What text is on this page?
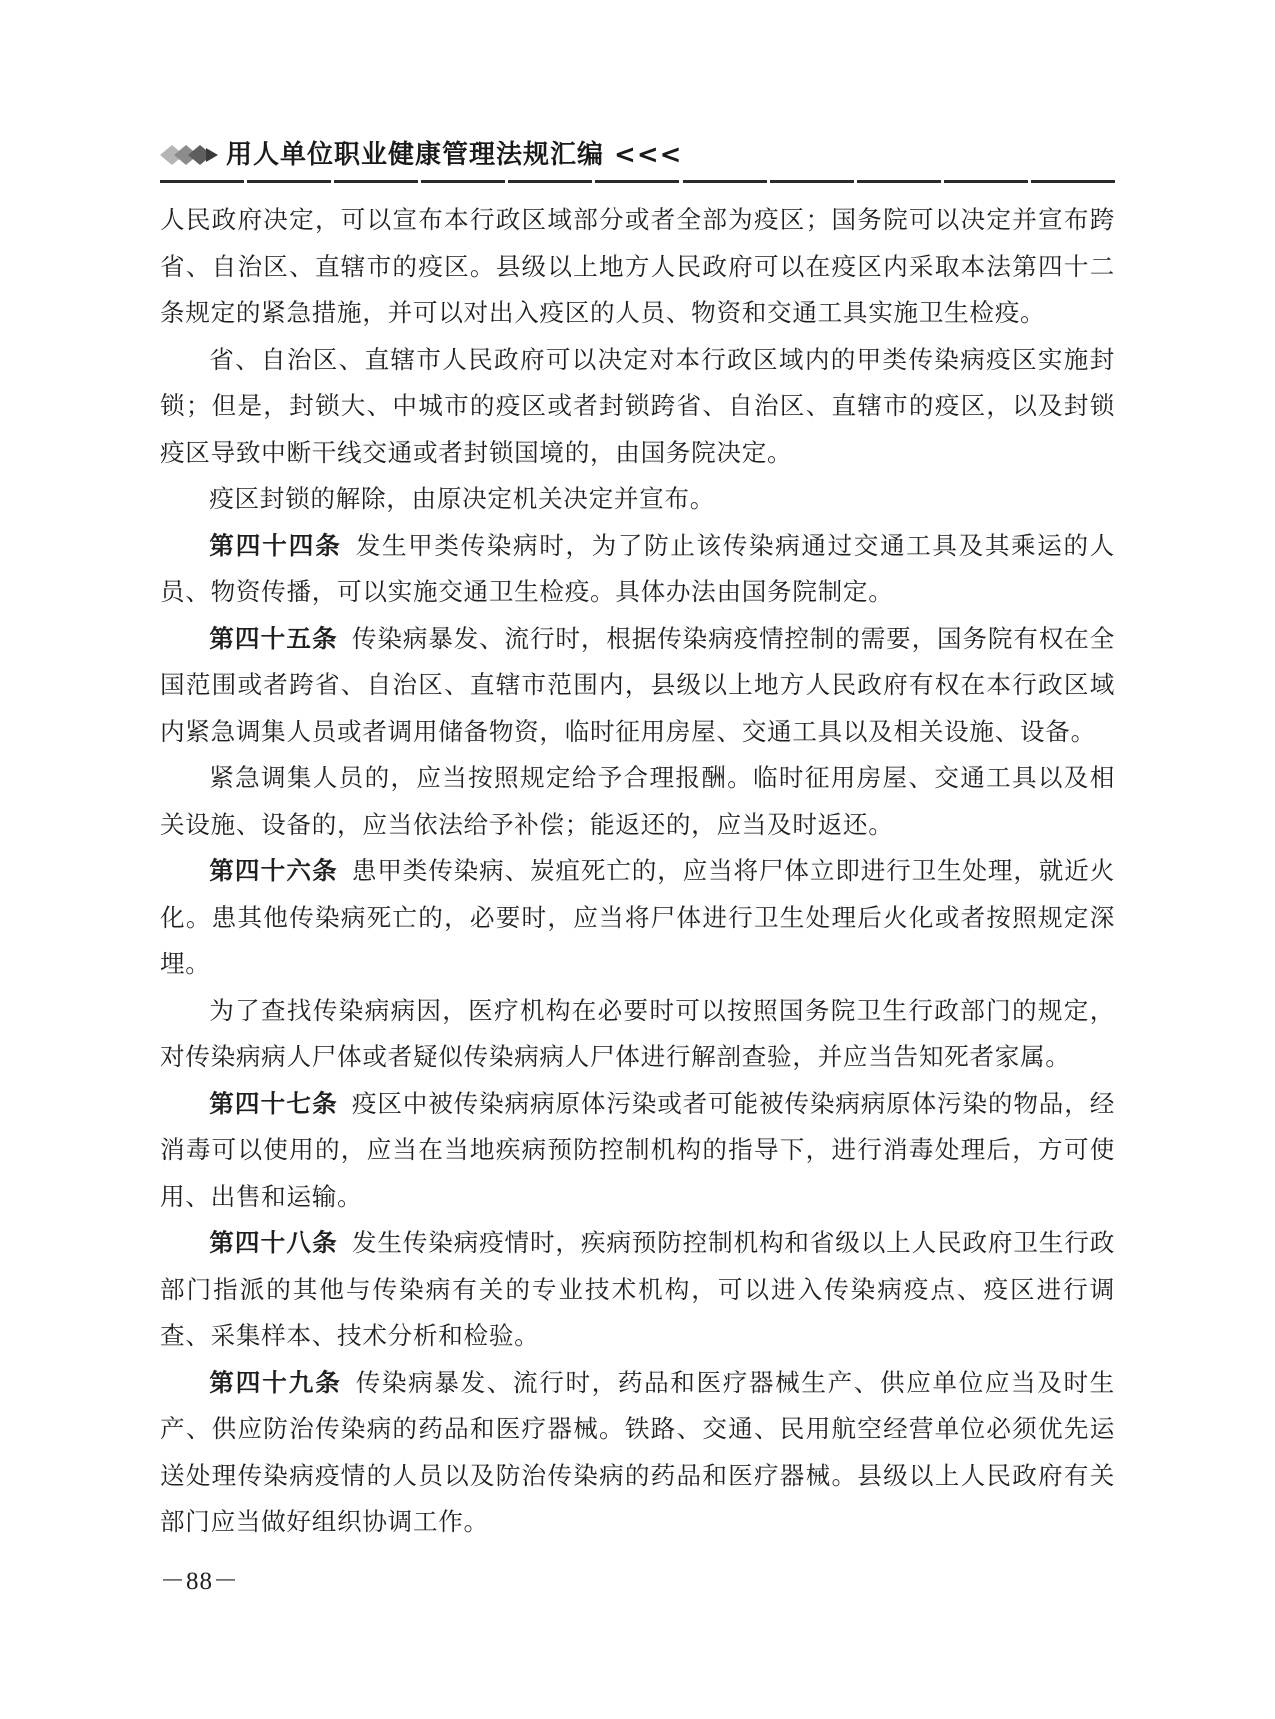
用人单位职业健康管理法规汇编 <<<

人民政府决定，可以宣布本行政区域部分或者全部为疫区；国务院可以决定并宣布跨省、自治区、直辖市的疫区。县级以上地方人民政府可以在疫区内采取本法第四十二条规定的紧急措施，并可以对出入疫区的人员、物资和交通工具实施卫生检疫。

省、自治区、直辖市人民政府可以决定对本行政区域内的甲类传染病疫区实施封锁；但是，封锁大、中城市的疫区或者封锁跨省、自治区、直辖市的疫区，以及封锁疫区导致中断干线交通或者封锁国境的，由国务院决定。

疫区封锁的解除，由原决定机关决定并宣布。

第四十四条 发生甲类传染病时，为了防止该传染病通过交通工具及其乘运的人员、物资传播，可以实施交通卫生检疫。具体办法由国务院制定。

第四十五条 传染病暴发、流行时，根据传染病疫情控制的需要，国务院有权在全国范围或者跨省、自治区、直辖市范围内，县级以上地方人民政府有权在本行政区域内紧急调集人员或者调用储备物资，临时征用房屋、交通工具以及相关设施、设备。

紧急调集人员的，应当按照规定给予合理报酬。临时征用房屋、交通工具以及相关设施、设备的，应当依法给予补偿；能返还的，应当及时返还。

第四十六条 患甲类传染病、炭疽死亡的，应当将尸体立即进行卫生处理，就近火化。患其他传染病死亡的，必要时，应当将尸体进行卫生处理后火化或者按照规定深埋。

为了查找传染病病因，医疗机构在必要时可以按照国务院卫生行政部门的规定，对传染病病人尸体或者疑似传染病病人尸体进行解剖查验，并应当告知死者家属。

第四十七条 疫区中被传染病病原体污染或者可能被传染病病原体污染的物品，经消毒可以使用的，应当在当地疾病预防控制机构的指导下，进行消毒处理后，方可使用、出售和运输。

第四十八条 发生传染病疫情时，疾病预防控制机构和省级以上人民政府卫生行政部门指派的其他与传染病有关的专业技术机构，可以进入传染病疫点、疫区进行调查、采集样本、技术分析和检验。

第四十九条 传染病暴发、流行时，药品和医疗器械生产、供应单位应当及时生产、供应防治传染病的药品和医疗器械。铁路、交通、民用航空经营单位必须优先运送处理传染病疫情的人员以及防治传染病的药品和医疗器械。县级以上人民政府有关部门应当做好组织协调工作。

－88－
